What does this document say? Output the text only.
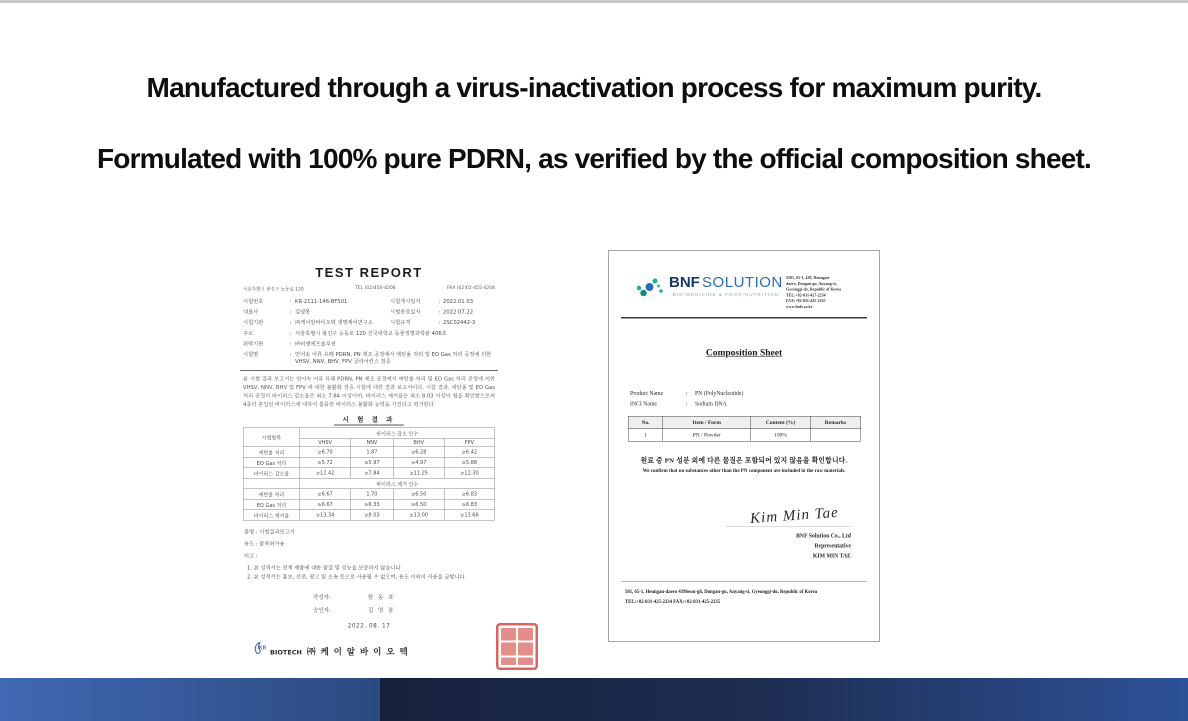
Manufactured through a virus-inactivation process for maximum purity.
Formulated with 100% pure PDRN, as verified by the official composition sheet.
TEST REPORT
서울특별시 광진구 능동로 120	TEL (02)450-4208	FAX (02)02-455-4208
시험번호	: KR-2111-146-BF501	시험개시일자	: 2022.01.03
대표사	: 김영봉	시험종료일자	: 2022.07.22
시험기관	: ㈜케이알바이오텍 생명제어연구소	시험규격	: 2SC02442-3
주소	: 서울특별시 광진구 능동로 120 건국대학교 동물생명과학관 406호
위탁기관	: ㈜비엔에프솔루션
시험명	: 연어속 어류 유래 PDRN, PN 제조 공정에서 에탄올 처리 및 EO Gas 처리 공정에 의한 VHSV, NNV, BHV, FPV 클리어런스 검증
본 시험 결과 보고서는 연어속 어류 유래 PDRN, PN 제조 공정에서 에탄올 처리 및 EO Gas 처리 공정에 의한 VHSV, NNV, BHV 및 FPV 에 대한 불활화 검증 시험에 대한 결과 보고서이다. 시험 결과, 에탄올 및 EO Gas 처리 공정의 바이러스 감소율은 최소 7.84 이상이며, 바이러스 제거율은 최소 8.03 이상이 됨을 확인함으로써 4종의 혼입된 바이러스에 대하여 훌륭한 바이러스 불활화 능력을 가진다고 평가된다.
시 험 결 과
시험항목	바이러스 감소 인수			
	VHSV	NNV	BHV	FPV
에탄올 처리	≥6.70	1.87	≥6.28	≥6.42
EO Gas 처리	≥5.72	≥5.97	≥4.97	≥5.88
바이러스 감소율	≥12.42	≥7.84	≥11.25	≥12.30
	바이러스 제거 인수			
에탄올 처리	≥6.67	1.70	≥6.50	≥6.83
EO Gas 처리	≥6.67	≥6.33	≥6.50	≥6.83
바이러스 제거율	≥13.34	≥8.03	≥13.00	≥13.66
품명 : 시험결과보고서
용도 : 품목허가용
비고 :
1. 본 성적서는 전체 제품에 대한 품질 및 성능을 보증하지 않습니다
2. 본 성적서는 홍보, 선전, 광고 및 소송 등으로 사용될 수 없으며, 용도 이외의 사용을 금합니다
작성자:	한 동 표
승인자:	김 영 봉
2022. 08. 17
KR
BIOTECH ㈜ 케 이 알 바 이 오 텍
BNF SOLUTION
BIO-MEDICINE & FOOD-NUTRITION
#501, 65-1, 439, Heungan-
daero, Dongan-gu, Anyang-si,
Gyeonggi-do, Republic of Korea
TEL:+82-031-427-2234
FAX:+82-031-425-2235
www.bnfs.co.kr
Composition Sheet
Product Name	: PN (PolyNucleotide)
INCI Name	: Sodium DNA
No.	Item / Form	Content (%)	Remarks
1	PN / Powder	100%	
원료 중 PN 성분 외에 다른 물질은 포함되어 있지 않음을 확인합니다.
We confirm that no substances other than the PN component are included in the raw materials.
Kim Min Tae
BNF Solution Co., Ltd
Representative
KIM MIN TAE
501, 65-1, Heungan-daero 439beon-gil, Dongan-gu, Anyang-si, Gyeonggi-do, Republic of Korea
TEL:+82-031-425-2234 FAX:+82-031-425-2235
